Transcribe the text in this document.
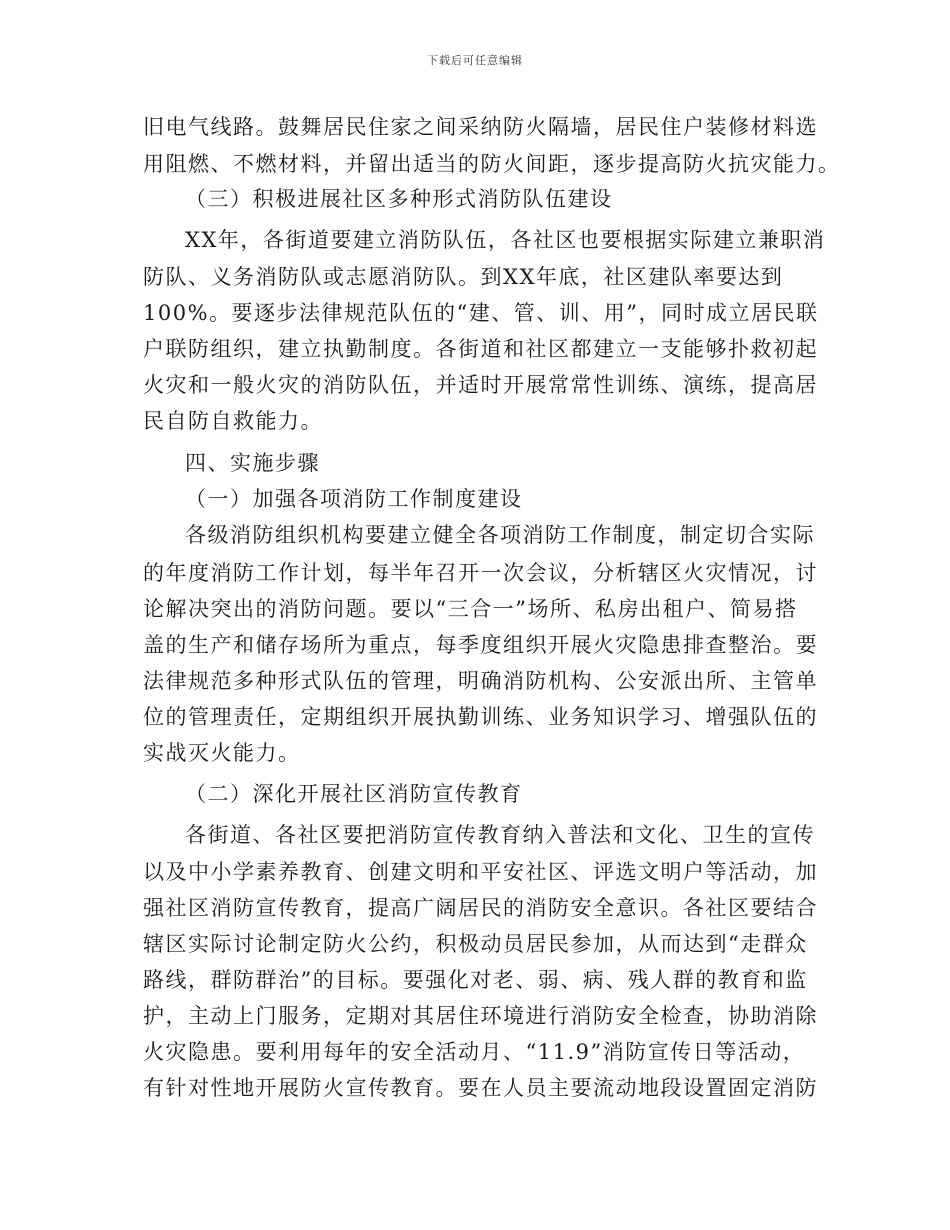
下载后可任意编辑
旧电气线路。鼓舞居民住家之间采纳防火隔墙，居民住户装修材料选
用阻燃、不燃材料，并留出适当的防火间距，逐步提高防火抗灾能力。
（三）积极进展社区多种形式消防队伍建设
XX年，各街道要建立消防队伍，各社区也要根据实际建立兼职消
防队、义务消防队或志愿消防队。到XX年底，社区建队率要达到
100%。要逐步法律规范队伍的“建、管、训、用”，同时成立居民联
户联防组织，建立执勤制度。各街道和社区都建立一支能够扑救初起
火灾和一般火灾的消防队伍，并适时开展常常性训练、演练，提高居
民自防自救能力。
四、实施步骤
（一）加强各项消防工作制度建设
各级消防组织机构要建立健全各项消防工作制度，制定切合实际
的年度消防工作计划，每半年召开一次会议，分析辖区火灾情况，讨
论解决突出的消防问题。要以“三合一”场所、私房出租户、简易搭
盖的生产和储存场所为重点，每季度组织开展火灾隐患排查整治。要
法律规范多种形式队伍的管理，明确消防机构、公安派出所、主管单
位的管理责任，定期组织开展执勤训练、业务知识学习、增强队伍的
实战灭火能力。
（二）深化开展社区消防宣传教育
各街道、各社区要把消防宣传教育纳入普法和文化、卫生的宣传
以及中小学素养教育、创建文明和平安社区、评选文明户等活动，加
强社区消防宣传教育，提高广阔居民的消防安全意识。各社区要结合
辖区实际讨论制定防火公约，积极动员居民参加，从而达到“走群众
路线，群防群治”的目标。要强化对老、弱、病、残人群的教育和监
护，主动上门服务，定期对其居住环境进行消防安全检查，协助消除
火灾隐患。要利用每年的安全活动月、“11.9”消防宣传日等活动，
有针对性地开展防火宣传教育。要在人员主要流动地段设置固定消防
